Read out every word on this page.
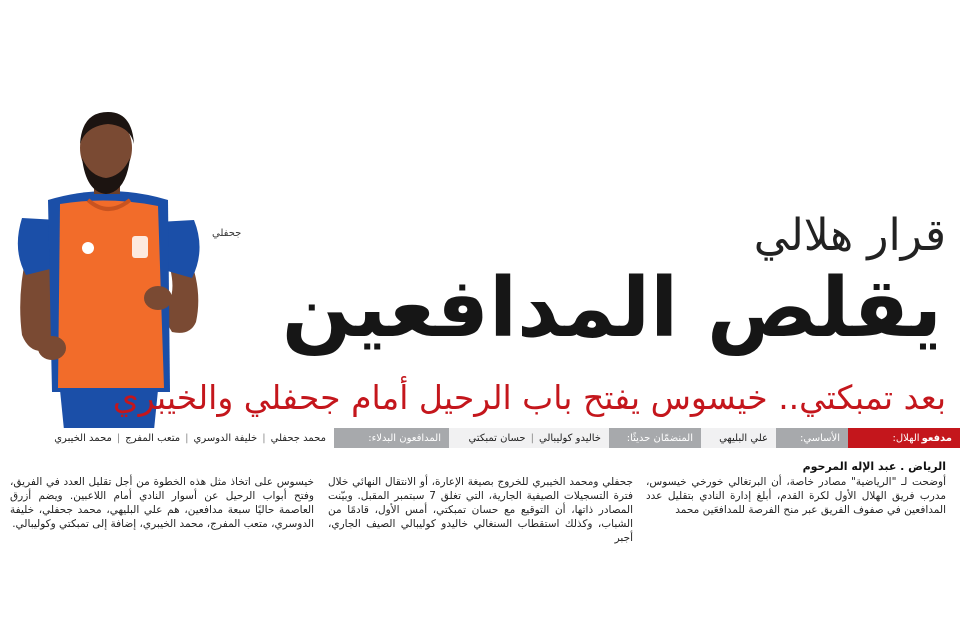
جحفلي	قرار هلالي
يقلص المدافعين
بعد تمبكتي.. خيسوس يفتح باب الرحيل أمام جحفلي والخيبري
مدفعو
الهلال:
الأساسي:
علي البليهي
المنضمّان حديثًا:
خاليدو كوليبالي
|
حسان تمبكتي
المدافعون البدلاء:
محمد جحفلي
|
خليفة الدوسري
|
متعب المفرج
|
محمد الخيبري
الرياض . عبد الإله المرحوم
أوضحت لـ "الرياضية" مصادر خاصة، أن البرتغالي خورخي خيسوس، مدرب فريق الهلال الأول لكرة القدم، أبلغ إدارة النادي بتقليل عدد المدافعين في صفوف الفريق عبر منح الفرصة للمدافعَين محمد
جحفلي ومحمد الخيبري للخروج بصيغة الإعارة، أو الانتقال النهائي خلال فترة التسجيلات الصيفية الجارية، التي تغلق 7 سبتمبر المقبل. وبيّنت المصادر ذاتها، أن التوقيع مع حسان تمبكتي، أمس الأول، قادمًا من الشباب، وكذلك استقطاب السنغالي خاليدو كوليبالي الصيف الجاري، أجبر
خيسوس على اتخاذ مثل هذه الخطوة من أجل تقليل العدد في الفريق، وفتح أبواب الرحيل عن أسوار النادي أمام اللاعبين. ويضم أزرق العاصمة حاليًا سبعة مدافعين، هم علي البليهي، محمد جحفلي، خليفة الدوسري، متعب المفرج، محمد الخيبري، إضافة إلى تمبكتي وكوليبالي.
